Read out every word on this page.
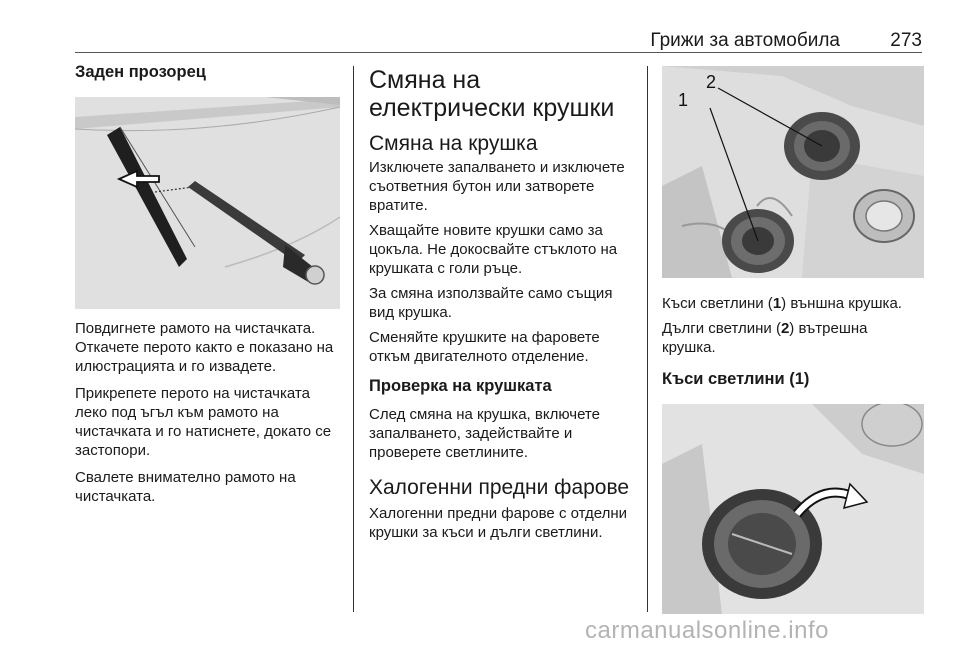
Грижи за автомобила	273
Заден прозорец

Повдигнете рамото на чистачката. Откачете перото както е показано на илюстрацията и го извадете.

Прикрепете перото на чистачката леко под ъгъл към рамото на чистачката и го натиснете, докато се застопори.

Свалете внимателно рамото на чистачката.

Смяна на електрически крушки
Смяна на крушка

Изключете запалването и изключете съответния бутон или затворете вратите.

Хващайте новите крушки само за цокъла. Не докосвайте стъклото на крушката с голи ръце.

За смяна използвайте само същия вид крушка.

Сменяйте крушките на фаровете откъм двигателното отделение.

Проверка на крушката

След смяна на крушка, включете запалването, задействайте и проверете светлините.

Халогенни предни фарове

Халогенни предни фарове с отделни крушки за къси и дълги светлини.

1
2

Къси светлини (1) външна крушка.

Дълги светлини (2) вътрешна крушка.

Къси светлини (1)
carmanualsonline.info
